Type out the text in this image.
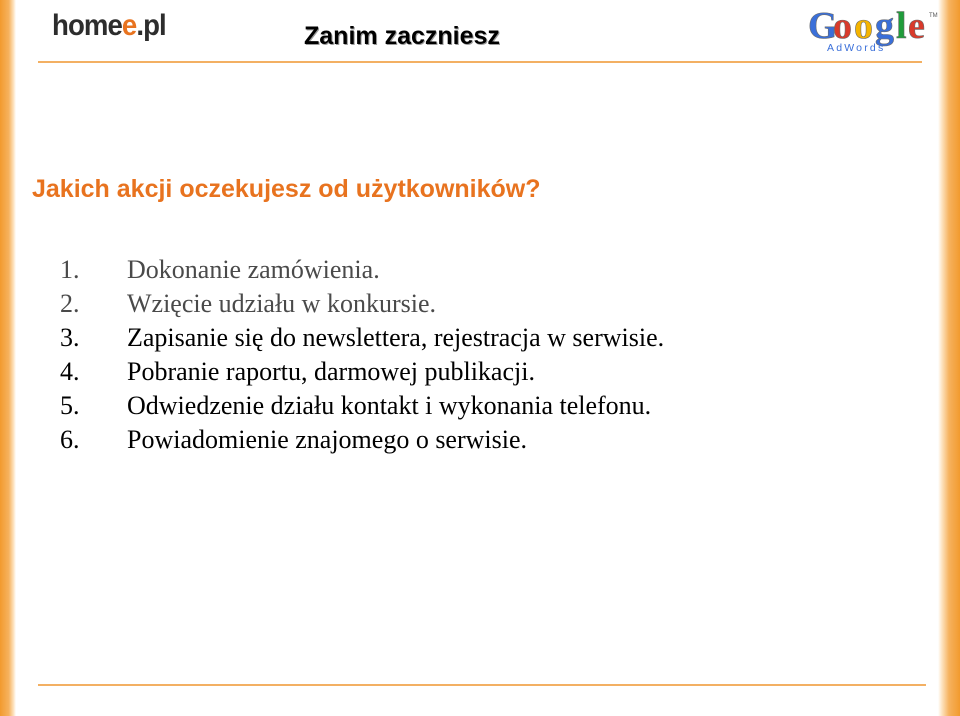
homee.pl	Zanim zaczniesz	G
o o g l e TM
AdWords
Jakich akcji oczekujesz od użytkowników?
1.	Dokonanie zamówienia.
2.	Wzięcie udziału w konkursie.
3.	Zapisanie się do newslettera, rejestracja w serwisie.
4.	Pobranie raportu, darmowej publikacji.
5.	Odwiedzenie działu kontakt i wykonania telefonu.
6.	Powiadomienie znajomego o serwisie.
